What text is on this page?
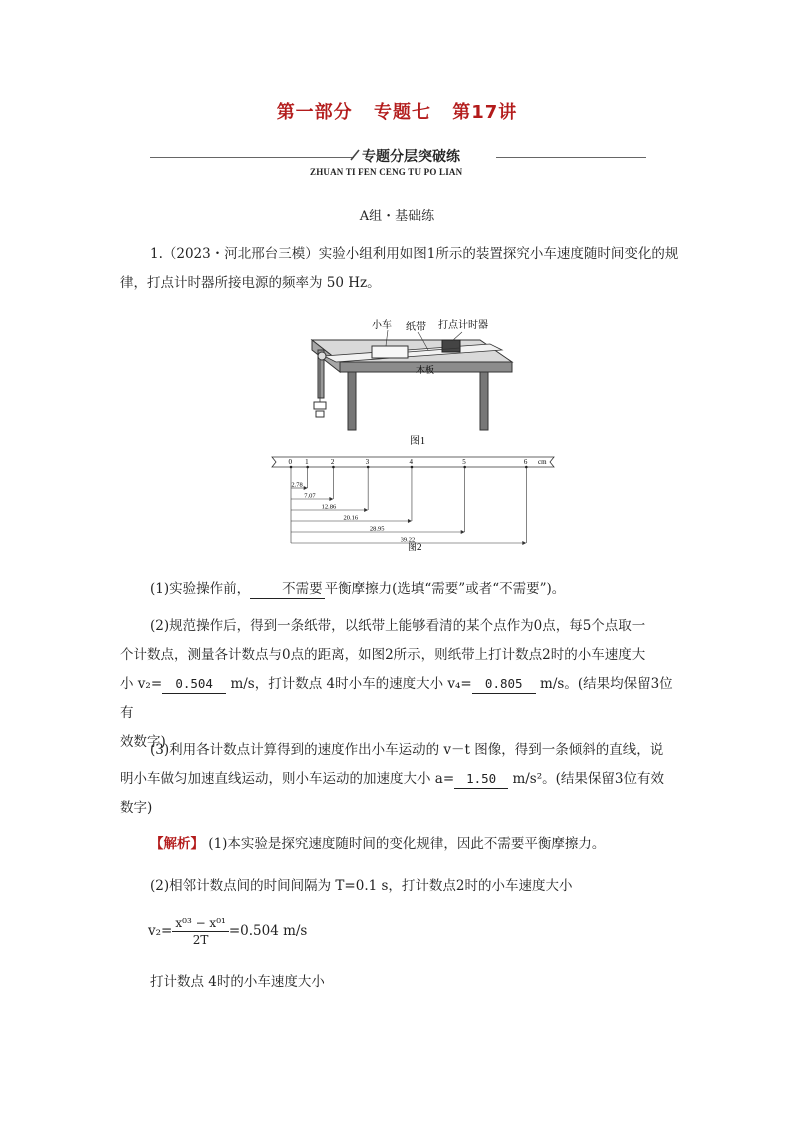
第一部分 专题七 第17讲
专题分层突破练
ZHUAN TI FEN CENG TU PO LIAN
A组・基础练
1.（2023・河北邢台三模）实验小组利用如图1所示的装置探究小车速度随时间变化的规律，打点计时器所接电源的频率为 50 Hz。
小车 纸带 打点计时器
木板
图1
0 1	2	3	4	5	6
2.78
7.07
12.86
20.16
28.95
39.22
cm
图2
(1)实验操作前， 不需要 平衡摩擦力(选填“需要”或者“不需要”)。
(2)规范操作后，得到一条纸带，以纸带上能够看清的某个点作为0点，每5个点取一
个计数点，测量各计数点与0点的距离，如图2所示，则纸带上打计数点2时的小车速度大
小 v₂= 0.504 m/s，打计数点 4时小车的速度大小 v₄= 0.805 m/s。(结果均保留3位有
效数字)
(3)利用各计数点计算得到的速度作出小车运动的 v－t 图像，得到一条倾斜的直线，说
明小车做匀加速直线运动，则小车运动的加速度大小 a= 1.50 m/s²。(结果保留3位有效
数字)
【解析】 (1)本实验是探究速度随时间的变化规律，因此不需要平衡摩擦力。
(2)相邻计数点间的时间间隔为 T=0.1 s，打计数点2时的小车速度大小
$v_2= \frac{\text{x⁰³ − x⁰¹}}{2T} =0.504$ m/s
打计数点 4时的小车速度大小
